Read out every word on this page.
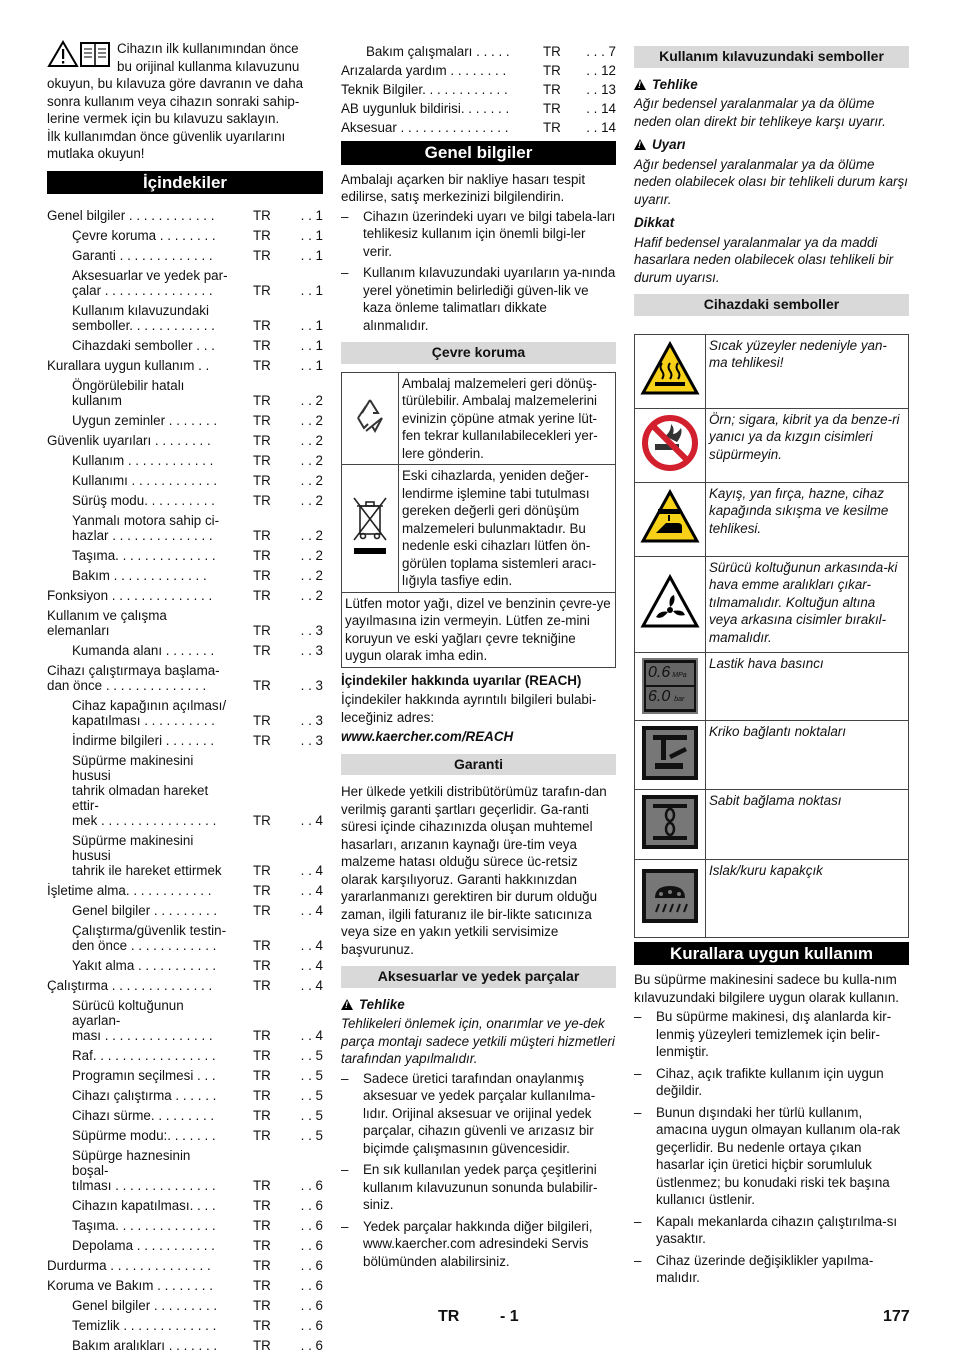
Cihazın ilk kullanımından önce
bu orijinal kullanma kılavuzunu
okuyun, bu kılavuza göre davranın ve daha
sonra kullanım veya cihazın sonraki sahip-
lerine vermek için bu kılavuzu saklayın.
İlk kullanımdan önce güvenlik uyarılarını
mutlaka okuyun!
İçindekiler
Genel bilgiler . . . . . . . . . . . .	TR	. . 1
Çevre koruma . . . . . . . .	TR	. . 1
Garanti . . . . . . . . . . . . .	TR	. . 1
Aksesuarlar ve yedek par-
çalar . . . . . . . . . . . . . . .	TR	. . 1
Kullanım kılavuzundaki
semboller. . . . . . . . . . . .	TR	. . 1
Cihazdaki semboller . . .	TR	. . 1
Kurallara uygun kullanım . .	TR	. . 1
Öngörülebilir hatalı kullanım	TR	. . 2
Uygun zeminler . . . . . . .	TR	. . 2
Güvenlik uyarıları . . . . . . . .	TR	. . 2
Kullanım . . . . . . . . . . . .	TR	. . 2
Kullanımı . . . . . . . . . . . .	TR	. . 2
Sürüş modu. . . . . . . . . .	TR	. . 2
Yanmalı motora sahip ci-
hazlar . . . . . . . . . . . . . .	TR	. . 2
Taşıma. . . . . . . . . . . . . .	TR	. . 2
Bakım . . . . . . . . . . . . .	TR	. . 2
Fonksiyon . . . . . . . . . . . . . .	TR	. . 2
Kullanım ve çalışma elemanları	TR	. . 3
Kumanda alanı . . . . . . .	TR	. . 3
Cihazı çalıştırmaya başlama-
dan önce . . . . . . . . . . . . . .	TR	. . 3
Cihaz kapağının açılması/
kapatılması . . . . . . . . . .	TR	. . 3
İndirme bilgileri . . . . . . .	TR	. . 3
Süpürme makinesini hususi
tahrik olmadan hareket ettir-
mek . . . . . . . . . . . . . . . .	TR	. . 4
Süpürme makinesini hususi
tahrik ile hareket ettirmek	TR	. . 4
İşletime alma. . . . . . . . . . . .	TR	. . 4
Genel bilgiler . . . . . . . . .	TR	. . 4
Çalıştırma/güvenlik testin-
den önce . . . . . . . . . . . .	TR	. . 4
Yakıt alma . . . . . . . . . . .	TR	. . 4
Çalıştırma . . . . . . . . . . . . . .	TR	. . 4
Sürücü koltuğunun ayarlan-
ması . . . . . . . . . . . . . . .	TR	. . 4
Raf. . . . . . . . . . . . . . . . .	TR	. . 5
Programın seçilmesi . . .	TR	. . 5
Cihazı çalıştırma . . . . . .	TR	. . 5
Cihazı sürme. . . . . . . . .	TR	. . 5
Süpürme modu:. . . . . . .	TR	. . 5
Süpürge haznesinin boşal-
tılması . . . . . . . . . . . . . .	TR	. . 6
Cihazın kapatılması. . . .	TR	. . 6
Taşıma. . . . . . . . . . . . . .	TR	. . 6
Depolama . . . . . . . . . . .	TR	. . 6
Durdurma . . . . . . . . . . . . . .	TR	. . 6
Koruma ve Bakım . . . . . . . .	TR	. . 6
Genel bilgiler . . . . . . . . .	TR	. . 6
Temizlik . . . . . . . . . . . . .	TR	. . 6
Bakım aralıkları . . . . . . .	TR	. . 6
Bakım çalışmaları . . . . .	TR	. . . 7
Arızalarda yardım . . . . . . . .	TR	. . 12
Teknik Bilgiler. . . . . . . . . . . .	TR	. . 13
AB uygunluk bildirisi. . . . . . .	TR	. . 14
Aksesuar . . . . . . . . . . . . . . .	TR	. . 14
Genel bilgiler

Ambalajı açarken bir nakliye hasarı tespit edilirse, satış merkezinizi bilgilendirin.

– Cihazın üzerindeki uyarı ve bilgi tabela-ları tehlikesiz kullanım için önemli bilgi-ler verir.
– Kullanım kılavuzundaki uyarıların ya-nında yerel yönetimin belirlediği güven-lik ve kaza önleme talimatları dikkate alınmalıdır.
Çevre koruma
	Ambalaj malzemeleri geri dönüş-türülebilir. Ambalaj malzemelerini evinizin çöpüne atmak yerine lüt-fen tekrar kullanılabilecekleri yer-lere gönderin.
	Eski cihazlarda, yeniden değer-lendirme işlemine tabi tutulması gereken değerli geri dönüşüm malzemeleri bulunmaktadır. Bu nedenle eski cihazları lütfen ön-görülen toplama sistemleri aracı-lığıyla tasfiye edin.
Lütfen motor yağı, dizel ve benzinin çevre-ye yayılmasına izin vermeyin. Lütfen ze-mini koruyun ve eski yağları çevre tekniğine uygun olarak imha edin.	

İçindekiler hakkında uyarılar (REACH)

İçindekiler hakkında ayrıntılı bilgileri bulabi-leceğiniz adres:

www.kaercher.com/REACH

Garanti

Her ülkede yetkili distribütörümüz tarafın-dan verilmiş garanti şartları geçerlidir. Ga-ranti süresi içinde cihazınızda oluşan muhtemel hasarları, arızanın kaynağı üre-tim veya malzeme hatası olduğu sürece üc-retsiz olarak karşılıyoruz. Garanti hakkınızdan yararlanmanızı gerektiren bir durum olduğu zaman, ilgili faturanız ile bir-likte satıcınıza veya size en yakın yetkili servisimize başvurunuz.

Aksesuarlar ve yedek parçalar
!Tehlike

Tehlikeleri önlemek için, onarımlar ve ye-dek parça montajı sadece yetkili müşteri hizmetleri tarafından yapılmalıdır.

– Sadece üretici tarafından onaylanmış aksesuar ve yedek parçalar kullanılma-lıdır. Orijinal aksesuar ve orijinal yedek parçalar, cihazın güvenli ve arızasız bir biçimde çalışmasının güvencesidir.
– En sık kullanılan yedek parça çeşitlerini kullanım kılavuzunun sonunda bulabilir-siniz.
– Yedek parçalar hakkında diğer bilgileri, www.kaercher.com adresindeki Servis bölümünden alabilirsiniz.
Kullanım kılavuzundaki semboller
!Tehlike

Ağır bedensel yaralanmalar ya da ölüme neden olan direkt bir tehlikeye karşı uyarır.

!Uyarı

Ağır bedensel yaralanmalar ya da ölüme neden olabilecek olası bir tehlikeli durum karşı uyarır.

Dikkat

Hafif bedensel yaralanmalar ya da maddi hasarlara neden olabilecek olası tehlikeli bir durum uyarısı.

Cihazdaki semboller
	Sıcak yüzeyler nedeniyle yan-ma tehlikesi!
	Örn; sigara, kibrit ya da benze-ri yanıcı ya da kızgın cisimleri süpürmeyin.
	Kayış, yan fırça, hazne, cihaz kapağında sıkışma ve kesilme tehlikesi.
	Sürücü koltuğunun arkasında-ki hava emme aralıkları çıkar-tılmamalıdır. Koltuğun altına veya arkasına cisimler bırakıl-mamalıdır.

0.6 MPa
6.0 bar	Lastik hava basıncı
	Kriko bağlantı noktaları
	Sabit bağlama noktası
	Islak/kuru kapakçık
Kurallara uygun kullanım

Bu süpürme makinesini sadece bu kulla-nım kılavuzundaki bilgilere uygun olarak kullanın.

– Bu süpürme makinesi, dış alanlarda kir-lenmiş yüzeyleri temizlemek için belir-lenmiştir.
– Cihaz, açık trafikte kullanım için uygun değildir.
– Bunun dışındaki her türlü kullanım, amacına uygun olmayan kullanım ola-rak geçerlidir. Bu nedenle ortaya çıkan hasarlar için üretici hiçbir sorumluluk üstlenmez; bu konudaki riski tek başına kullanıcı üstlenir.
– Kapalı mekanlarda cihazın çalıştırılma-sı yasaktır.
– Cihaz üzerinde değişiklikler yapılma-malıdır.
TR	- 1	177
